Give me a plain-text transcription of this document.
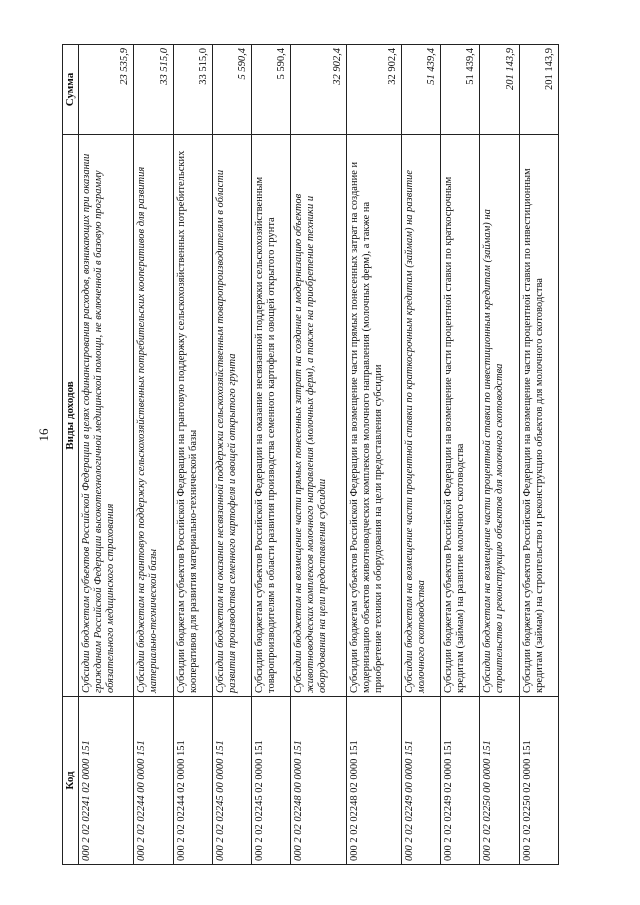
16
Код	Виды доходов	Сумма
000 2 02 02241 02 0000 151	Субсидии бюджетам субъектов Российской Федерации в целях софинансирования расходов, возникающих при оказании гражданам Российской Федерации высокотехнологичной медицинской помощи, не включенной в базовую программу обязательного медицинского страхования	23 535,9
000 2 02 02244 00 0000 151	Субсидии бюджетам на грантовую поддержку сельскохозяйственных потребительских кооперативов для развития материально-технической базы	33 515,0
000 2 02 02244 02 0000 151	Субсидии бюджетам субъектов Российской Федерации на грантовую поддержку сельскохозяйственных потребительских кооперативов для развития материально-технической базы	33 515,0
000 2 02 02245 00 0000 151	Субсидии бюджетам на оказание несвязанной поддержки сельскохозяйственным товаропроизводителям в области развития производства семенного картофеля и овощей открытого грунта	5 590,4
000 2 02 02245 02 0000 151	Субсидии бюджетам субъектов Российской Федерации на оказание несвязанной поддержки сельскохозяйственным товаропроизводителям в области развития производства семенного картофеля и овощей открытого грунта	5 590,4
000 2 02 02248 00 0000 151	Субсидии бюджетам на возмещение части прямых понесенных затрат на создание и модернизацию объектов животноводческих комплексов молочного направления (молочных ферм), а также на приобретение техники и оборудования на цели предоставления субсидии	32 902,4
000 2 02 02248 02 0000 151	Субсидии бюджетам субъектов Российской Федерации на возмещение части прямых понесенных затрат на создание и модернизацию объектов животноводческих комплексов молочного направления (молочных ферм), а также на приобретение техники и оборудования на цели предоставления субсидии	32 902,4
000 2 02 02249 00 0000 151	Субсидии бюджетам на возмещение части процентной ставки по краткосрочным кредитам (займам) на развитие молочного скотоводства	51 439,4
000 2 02 02249 02 0000 151	Субсидии бюджетам субъектов Российской Федерации на возмещение части процентной ставки по краткосрочным кредитам (займам) на развитие молочного скотоводства	51 439,4
000 2 02 02250 00 0000 151	Субсидии бюджетам на возмещение части процентной ставки по инвестиционным кредитам (займам) на строительство и реконструкцию объектов для молочного скотоводства	201 143,9
000 2 02 02250 02 0000 151	Субсидии бюджетам субъектов Российской Федерации на возмещение части процентной ставки по инвестиционным кредитам (займам) на строительство и реконструкцию объектов для молочного скотоводства	201 143,9
